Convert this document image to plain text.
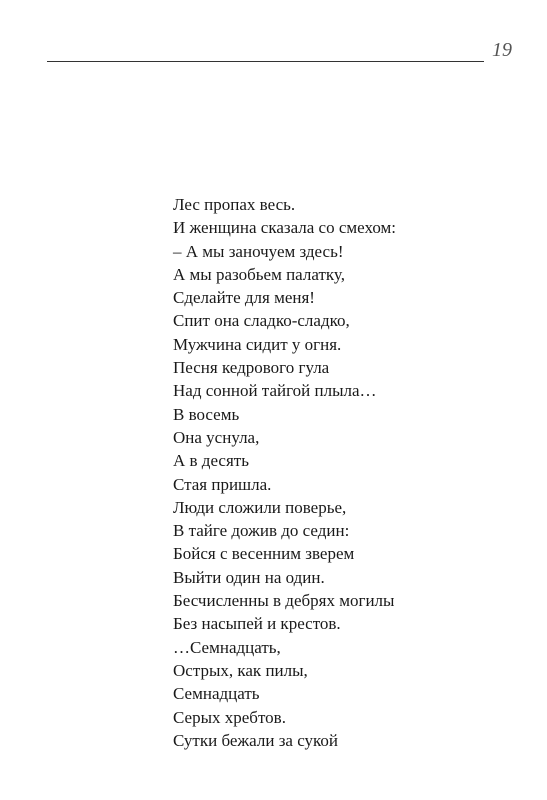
19
Лес пропах весь.
И женщина сказала со смехом:
– А мы заночуем здесь!
А мы разобьем палатку,
Сделайте для меня!
Спит она сладко-сладко,
Мужчина сидит у огня.
Песня кедрового гула
Над сонной тайгой плыла…
В восемь
Она уснула,
А в десять
Стая пришла.
Люди сложили поверье,
В тайге дожив до седин:
Бойся с весенним зверем
Выйти один на один.
Бесчисленны в дебрях могилы
Без насыпей и крестов.
…Семнадцать,
Острых, как пилы,
Семнадцать
Серых хребтов.
Сутки бежали за сукой
